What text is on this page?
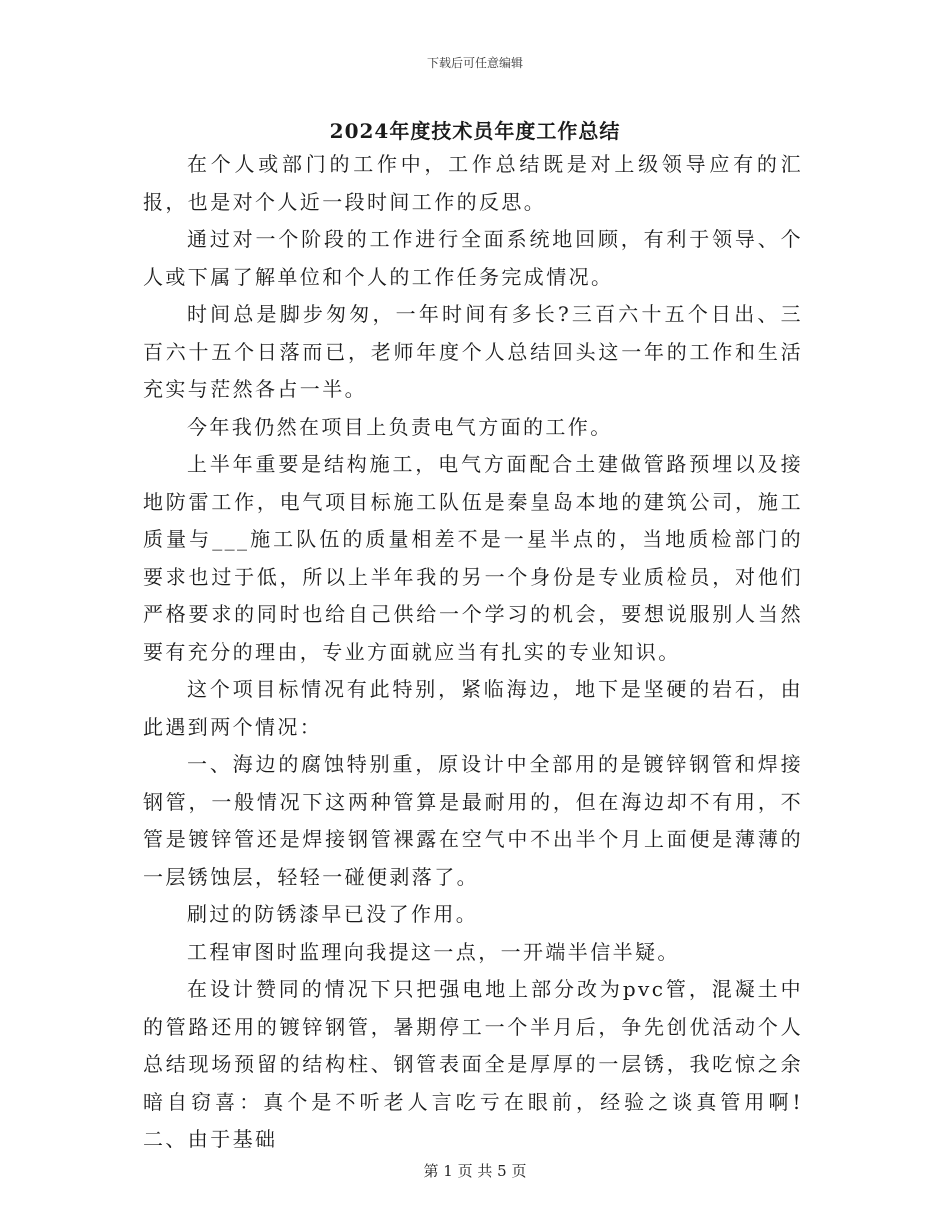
下载后可任意编辑
2024年度技术员年度工作总结

在个人或部门的工作中，工作总结既是对上级领导应有的汇报，也是对个人近一段时间工作的反思。

通过对一个阶段的工作进行全面系统地回顾，有利于领导、个人或下属了解单位和个人的工作任务完成情况。

时间总是脚步匆匆，一年时间有多长?三百六十五个日出、三百六十五个日落而已，老师年度个人总结回头这一年的工作和生活充实与茫然各占一半。

今年我仍然在项目上负责电气方面的工作。

上半年重要是结构施工，电气方面配合土建做管路预埋以及接地防雷工作，电气项目标施工队伍是秦皇岛本地的建筑公司，施工质量与___施工队伍的质量相差不是一星半点的，当地质检部门的要求也过于低，所以上半年我的另一个身份是专业质检员，对他们严格要求的同时也给自己供给一个学习的机会，要想说服别人当然要有充分的理由，专业方面就应当有扎实的专业知识。

这个项目标情况有此特别，紧临海边，地下是坚硬的岩石，由此遇到两个情况：

一、海边的腐蚀特别重，原设计中全部用的是镀锌钢管和焊接钢管，一般情况下这两种管算是最耐用的，但在海边却不有用，不管是镀锌管还是焊接钢管裸露在空气中不出半个月上面便是薄薄的一层锈蚀层，轻轻一碰便剥落了。

刷过的防锈漆早已没了作用。

工程审图时监理向我提这一点，一开端半信半疑。

在设计赞同的情况下只把强电地上部分改为pvc管，混凝土中的管路还用的镀锌钢管，暑期停工一个半月后，争先创优活动个人总结现场预留的结构柱、钢管表面全是厚厚的一层锈，我吃惊之余暗自窃喜：真个是不听老人言吃亏在眼前，经验之谈真管用啊!二、由于基础

第 1 页 共 5 页
